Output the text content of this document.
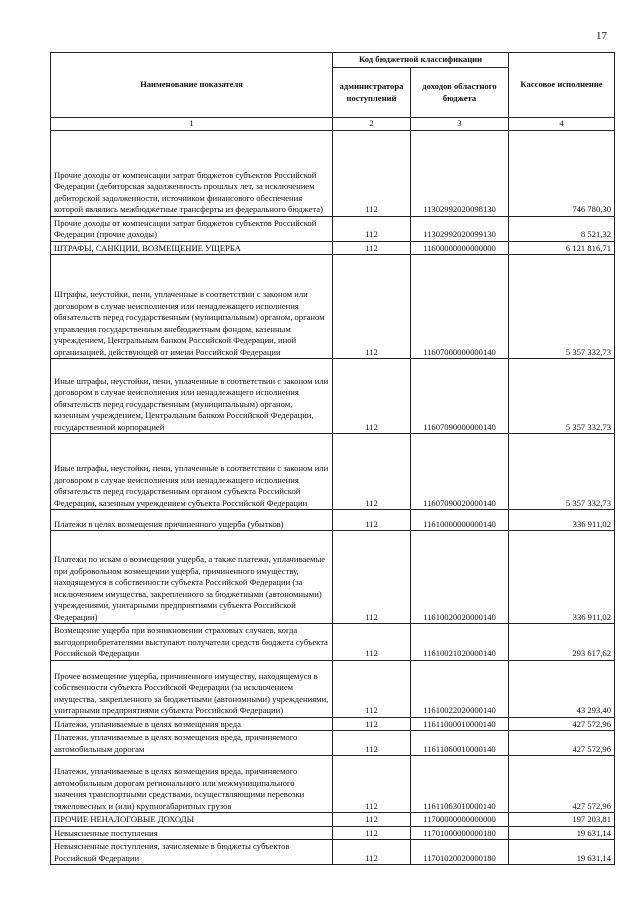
17
Наименование показателя	Код бюджетной классификации		Кассовое исполнение
	администратора поступлений	доходов областного бюджета	
1	2	3	4
Прочие доходы от компенсации затрат бюджетов субъектов Российской Федерации (дебиторская задолженность прошлых лет, за исключением дебиторской задолженности, источником финансового обеспечения которой являлись межбюджетные трансферты из федерального бюджета)	112	11302992020098130	746 780,30
Прочие доходы от компенсации затрат бюджетов субъектов Российской Федерации (прочие доходы)	112	11302992020099130	8 521,32
ШТРАФЫ, САНКЦИИ, ВОЗМЕЩЕНИЕ УЩЕРБА	112	11600000000000000	6 121 816,71
Штрафы, неустойки, пени, уплаченные в соответствии с законом или договором в случае неисполнения или ненадлежащего исполнения обязательств перед государственным (муниципальным) органом, органом управления государственным внебюджетным фондом, казенным учреждением, Центральным банком Российской Федерации, иной организацией, действующей от имени Российской Федерации	112	11607000000000140	5 357 332,73
Иные штрафы, неустойки, пени, уплаченные в соответствии с законом или договором в случае неисполнения или ненадлежащего исполнения обязательств перед государственным (муниципальным) органом, казенным учреждением, Центральным банком Российской Федерации, государственной корпорацией	112	11607090000000140	5 357 332,73
Иные штрафы, неустойки, пени, уплаченные в соответствии с законом или договором в случае неисполнения или ненадлежащего исполнения обязательств перед государственным органом субъекта Российской Федерации, казенным учреждением субъекта Российской Федерации	112	11607090020000140	5 357 332,73
Платежи в целях возмещения причиненного ущерба (убытков)	112	11610000000000140	336 911,02
Платежи по искам о возмещении ущерба, а также платежи, уплачиваемые при добровольном возмещении ущерба, причиненного имуществу, находящемуся в собственности субъекта Российской Федерации (за исключением имущества, закрепленного за бюджетными (автономными) учреждениями, унитарными предприятиями субъекта Российской Федерации)	112	11610020020000140	336 911,02
Возмещение ущерба при возникновении страховых случаев, когда выгодоприобретателями выступают получатели средств бюджета субъекта Российской Федерации	112	11610021020000140	293 617,62
Прочее возмещение ущерба, причиненного имуществу, находящемуся в собственности субъекта Российской Федерации (за исключением имущества, закрепленного за бюджетными (автономными) учреждениями, унитарными предприятиями субъекта Российской Федерации)	112	11610022020000140	43 293,40
Платежи, уплачиваемые в целях возмещения вреда	112	11611000010000140	427 572,96
Платежи, уплачиваемые в целях возмещения вреда, причиняемого автомобильным дорогам	112	11611060010000140	427 572,96
Платежи, уплачиваемые в целях возмещения вреда, причиняемого автомобильным дорогам регионального или межмуниципального значения транспортными средствами, осуществляющими перевозки тяжеловесных и (или) крупногабаритных грузов	112	11611063010000140	427 572,96
ПРОЧИЕ НЕНАЛОГОВЫЕ ДОХОДЫ	112	11700000000000000	197 203,81
Невыясненные поступления	112	11701000000000180	19 631,14
Невыясненные поступления, зачисляемые в бюджеты субъектов Российской Федерации	112	11701020020000180	19 631,14
